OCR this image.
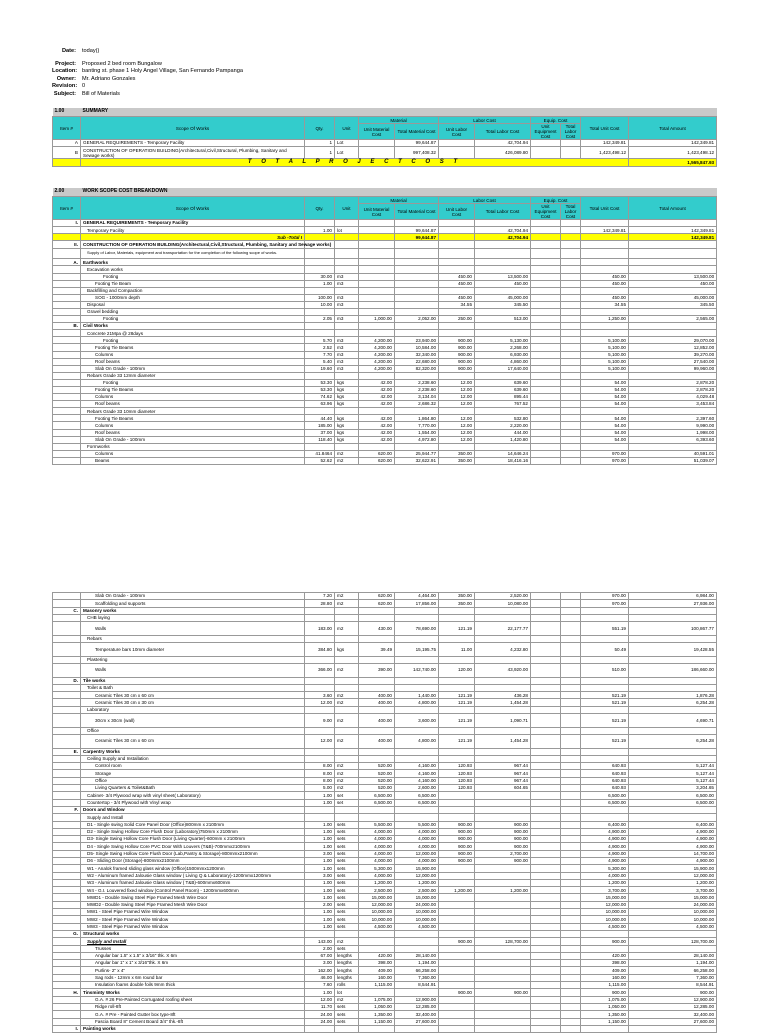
Date:	today()
Project:	Proposed 2 bed room Bungalow
Location: banting st. phase 1 Holy Angel Village, San Fernando Pampanga
Owner:	Mr. Adriano Gonzales
Revision: 0
Subject:	Bill of Materials
1.00	SUMMARY										
Item #	Scope Of Works	Qty.	Unit	Material		Labor Cost		Equip. Cost		Total Unit Cost	Total Amount
				Unit Material Cost	Total Material Cost	Unit Labor Cost	Total Labor Cost	Unit Equipment Cost	Total Labor Cost		
A	GENERAL REQUIREMENTS - Temporary Facility	1	Lot		99,644.87		42,704.94			142,349.81	142,349.81
B	CONSTRUCTION OF OPERATION BUILDING(Architectural,Civil,Structural, Plumbing, Sanitary and Sewage works)	1	Lot		997,408.32		426,089.80			1,423,498.12	1,423,498.12
	T O T A L P R O J E C T C O S T										1,565,847.93
2.00	WORK SCOPE COST BREAKDOWN										
Item #	Scope Of Works	Qty.	Unit	Material		Labor Cost		Equip. Cost		Total Unit Cost	Total Amount
				Unit Material Cost	Total Material Cost	Unit Labor Cost	Total Labor Cost	Unit Equipment Cost	Total Labor Cost		
I.	GENERAL REQUIREMENTS - Temporary Facility										
	Temporary Facility	1.00	lot		99,644.87		42,704.94			142,349.81	142,349.81
	Sub -Total I				99,644.87		42,704.94				142,349.81
II.	CONSTRUCTION OF OPERATION BUILDING(Architectural,Civil,Structural, Plumbing, Sanitary and Sewage works)										
	Supply of Labor, Materials, equipment and transportation for the completion of the following scope of works.										
A.	Earthworks										
	Excavation works										
	Footing	30.00	m3			450.00	13,500.00			450.00	13,500.00
	Footing Tie Beam	1.00	m3			450.00	450.00			450.00	450.00
	Backfilling and Compaction										
	SOG - 1000mm depth	100.00	m3			450.00	45,000.00			450.00	45,000.00
	Disposal	10.00	m3			34.55	345.50			34.55	345.50
	Gravel bedding										
	Footing	2.05	m3	1,000.00	2,052.00	250.00	513.00			1,250.00	2,565.00
B.	Civil Works										
	Concrete 21Mpa @ 28days										
	Footing	5.70	m3	4,200.00	23,940.00	900.00	5,130.00			5,100.00	29,070.00
	Footing Tie Beams	2.52	m3	4,200.00	10,584.00	900.00	2,268.00			5,100.00	12,852.00
	Columns	7.70	m3	4,200.00	32,340.00	900.00	6,930.00			5,100.00	39,270.00
	Roof beams	5.40	m3	4,200.00	22,680.00	900.00	4,860.00			5,100.00	27,540.00
	Slab On Grade - 100mm	19.60	m3	4,200.00	82,320.00	900.00	17,640.00			5,100.00	99,960.00
	Rebars Grade 33 12mm diameter										
	Footing	53.30	kgs	42.00	2,238.60	12.00	639.60			54.00	2,878.20
	Footing Tie Beams	53.30	kgs	42.00	2,238.60	12.00	639.60			54.00	2,878.20
	Columns	74.62	kgs	42.00	3,134.04	12.00	895.44			54.00	4,029.48
	Roof beams	63.96	kgs	42.00	2,686.32	12.00	767.52			54.00	3,453.84
	Rebars Grade 33 10mm diameter										
	Footing Tie Beams	44.40	kgs	42.00	1,864.80	12.00	532.80			54.00	2,397.60
	Columns	185.00	kgs	42.00	7,770.00	12.00	2,220.00			54.00	9,990.00
	Roof beams	37.00	kgs	42.00	1,554.00	12.00	444.00			54.00	1,998.00
	Slab On Grade - 100mm	118.40	kgs	42.00	4,972.80	12.00	1,420.80			54.00	6,393.60
	Formworks										
	Columns	41.8464	m2	620.00	25,944.77	350.00	14,646.24			970.00	40,591.01
	Beams	52.62	m2	620.00	32,622.91	350.00	18,416.16			970.00	51,039.07
	Slab On Grade - 100mm	7.20	m2	620.00	4,464.00	350.00	2,520.00			970.00	6,984.00
	Scaffolding and supports	28.80	m2	620.00	17,856.00	350.00	10,080.00			970.00	27,936.00
C.	Masonry works										
	CHB laying										
	Walls	183.00	m2	430.00	78,690.00	121.19	22,177.77			551.19	100,867.77
	Rebars										
	Temperature bars 10mm diameter	384.80	kgs	39.49	15,195.75	11.00	4,232.80			50.49	19,428.55
	Plastering										
	Walls	366.00	m2	390.00	142,740.00	120.00	43,920.00			510.00	186,660.00
D.	Tile works										
	Toilet & Bath										
	Ceramic Tiles 30 cm x 60 cm	3.60	m2	400.00	1,440.00	121.19	436.28			521.19	1,876.28
	Ceramic Tiles 30 cm x 30 cm	12.00	m2	400.00	4,800.00	121.19	1,454.28			521.19	6,254.28
	Laboratory										
	30cm x 30cm (wall)	9.00	m2	400.00	3,600.00	121.19	1,090.71			521.19	4,690.71
	Office										
	Ceramic Tiles 30 cm x 60 cm	12.00	m2	400.00	4,800.00	121.19	1,454.28			521.19	6,254.28
E.	Carpentry Works										
	Ceiling Supply and Installation										
	Control room	8.00	m2	520.00	4,160.00	120.93	967.44			640.93	5,127.44
	Storage	8.00	m2	520.00	4,160.00	120.93	967.44			640.93	5,127.44
	Office	8.00	m2	520.00	4,160.00	120.93	967.44			640.93	5,127.44
	Living Quarters & Toilet&Bath	5.00	m2	520.00	2,600.00	120.93	604.65			640.93	3,204.65
	Cabinet- 3/4 Plywood wrap with vinyl sheet( Laboratory)	1.00	set	6,500.00	6,500.00					6,500.00	6,500.00
	Countertop - 3/4 Plywood with Vinyl wrap	1.00	set	6,500.00	6,500.00					6,500.00	6,500.00
F.	Doors and Window										
	Supply and Install										
	D1 - Single swing Solid Core Panel Door (Office)800mm x 2100mm	1.00	sets	5,500.00	5,500.00	900.00	900.00			6,400.00	6,400.00
	D2 - Single Swing Hollow Core Flush Door (Laboratory)750mm x 2100mm	1.00	sets	4,000.00	4,000.00	900.00	900.00			4,900.00	4,900.00
	D3- Single Swing Hollow Core Flush Door (Living Quarter)-600mm x 2100mm	1.00	sets	4,000.00	4,000.00	900.00	900.00			4,900.00	4,900.00
	D4 - Single Swing Hollow Core PVC Door With Louvers (T&B)-700mmx2100mm	1.00	sets	4,000.00	4,000.00	900.00	900.00			4,900.00	4,900.00
	D5- Single Swing Hollow Core Flush Door (Lab,Pantry & Storage)-800mmx2100mm	3.00	sets	4,000.00	12,000.00	900.00	2,700.00			4,900.00	14,700.00
	D6 - Sliding Door (Storage)-800mmx2100mm	1.00	sets	4,000.00	4,000.00	900.00	900.00			4,900.00	4,900.00
	W1 - Analok framed sliding glass window (Office)1500mmx1200mm	1.00	sets	5,300.00	15,900.00					5,300.00	15,900.00
	W2 - Aluminum framed Jalousie Glass window ( Living Q & Laboratory)-1200mmx1200mm	3.00	sets	4,000.00	12,000.00					4,000.00	12,000.00
	W3 - Aluminum framed Jalousie Glass window ( T&B)-600mmx600mm	1.00	sets	1,200.00	1,200.00					1,200.00	1,200.00
	W4 - G.I. Louvered fixed window (Control Panel Room) - 1200mmx600mm	1.00	sets	2,500.00	2,500.00	1,200.00	1,200.00			3,700.00	3,700.00
	MWD1 - Double Swing Steel Pipe Framed Mesh Wire Door	1.00	sets	15,000.00	15,000.00					15,000.00	15,000.00
	MWD2 - Double Swing Steel Pipe Framed Mesh Wire Door	2.00	sets	12,000.00	24,000.00					12,000.00	24,000.00
	MW1 - Steel Pipe Framed Wire Window	1.00	sets	10,000.00	10,000.00					10,000.00	10,000.00
	MW2 - Steel Pipe Framed Wire Window	1.00	sets	10,000.00	10,000.00					10,000.00	10,000.00
	MW3 - Steel Pipe Framed Wire Window	1.00	sets	4,500.00	4,500.00					4,500.00	4,500.00
G.	Structural works										
	Supply and Install	143.00	m2			900.00	128,700.00			900.00	128,700.00
	Trusses	2.00	sets								
	Angular bar 1.5" x 1.5" x 3/16" thk. X 6m	67.00	lengths	420.00	28,140.00					420.00	28,140.00
	Angular bar 1" x 1" x 3/16"thk. X 6m	3.00	lengths	398.00	1,194.00					398.00	1,194.00
	Purlins- 2" x 4"	162.00	lengths	409.00	66,258.00					409.00	66,258.00
	Sag rods - 12mm x 6m round bar	46.00	lengths	160.00	7,360.00					160.00	7,360.00
	Insulation foams double foils 9mm thick	7.60	rolls	1,115.00	8,544.91					1,115.00	8,544.91
H.	Tinsminty Works	1.00	lot			900.00	900.00			900.00	900.00
	G.A. # 26 Pre-Painted Corrugated roofing sheet	12.00	m2	1,075.00	12,900.00					1,075.00	12,900.00
	Ridge roll-8ft	11.70	sets	1,050.00	12,285.00					1,050.00	12,285.00
	G.A. # Pre - Painted Gutter box type-8ft	24.00	sets	1,350.00	32,400.00					1,350.00	32,400.00
	Fascia Board 8" Cement Board 3/4" thk.-8ft	24.00	sets	1,150.00	27,600.00					1,150.00	27,600.00
I.	Painting works										
